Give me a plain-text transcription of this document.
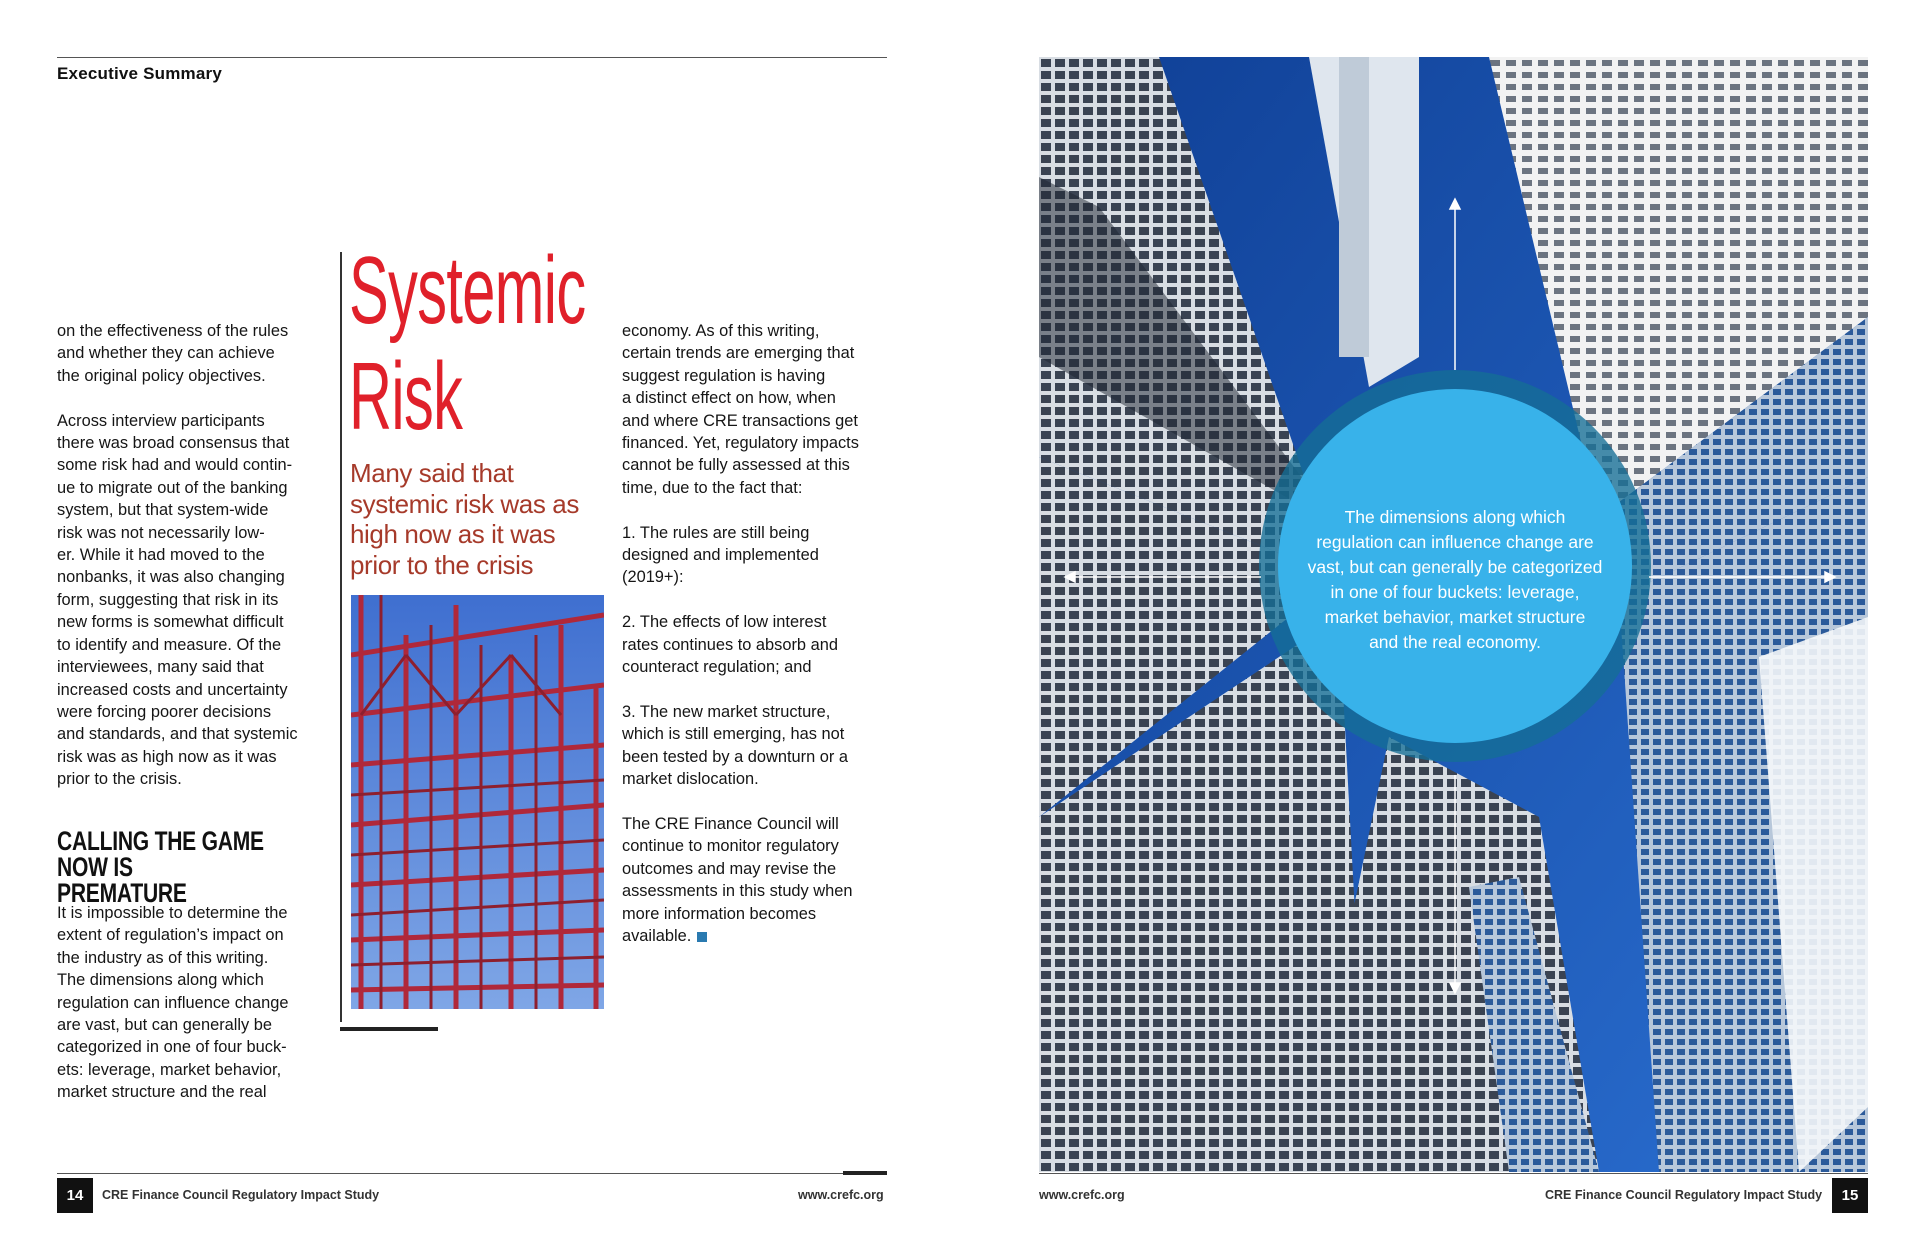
Executive Summary
on the effectiveness of the rules
and whether they can achieve
the original policy objectives.

Across interview participants
there was broad consensus that
some risk had and would contin-
ue to migrate out of the banking
system, but that system-wide
risk was not necessarily low-
er. While it had moved to the
nonbanks, it was also changing
form, suggesting that risk in its
new forms is somewhat difficult
to identify and measure. Of the
interviewees, many said that
increased costs and uncertainty
were forcing poorer decisions
and standards, and that systemic
risk was as high now as it was
prior to the crisis.
CALLING THE GAME NOW IS
PREMATURE
It is impossible to determine the
extent of regulation’s impact on
the industry as of this writing.
The dimensions along which
regulation can influence change
are vast, but can generally be
categorized in one of four buck-
ets: leverage, market behavior,
market structure and the real
Systemic
Risk
Many said that
systemic risk was as
high now as it was
prior to the crisis
economy. As of this writing,
certain trends are emerging that
suggest regulation is having
a distinct effect on how, when
and where CRE transactions get
financed. Yet, regulatory impacts
cannot be fully assessed at this
time, due to the fact that:

1. The rules are still being
designed and implemented
(2019+):

2. The effects of low interest
rates continues to absorb and
counteract regulation; and

3. The new market structure,
which is still emerging, has not
been tested by a downturn or a
market dislocation.

The CRE Finance Council will
continue to monitor regulatory
outcomes and may revise the
assessments in this study when
more information becomes
available.
14	CRE Finance Council Regulatory Impact Study	www.crefc.org
The dimensions along which
regulation can influence change are
vast, but can generally be categorized
in one of four buckets: leverage,
market behavior, market structure
and the real economy.
www.crefc.org	CRE Finance Council Regulatory Impact Study	15
